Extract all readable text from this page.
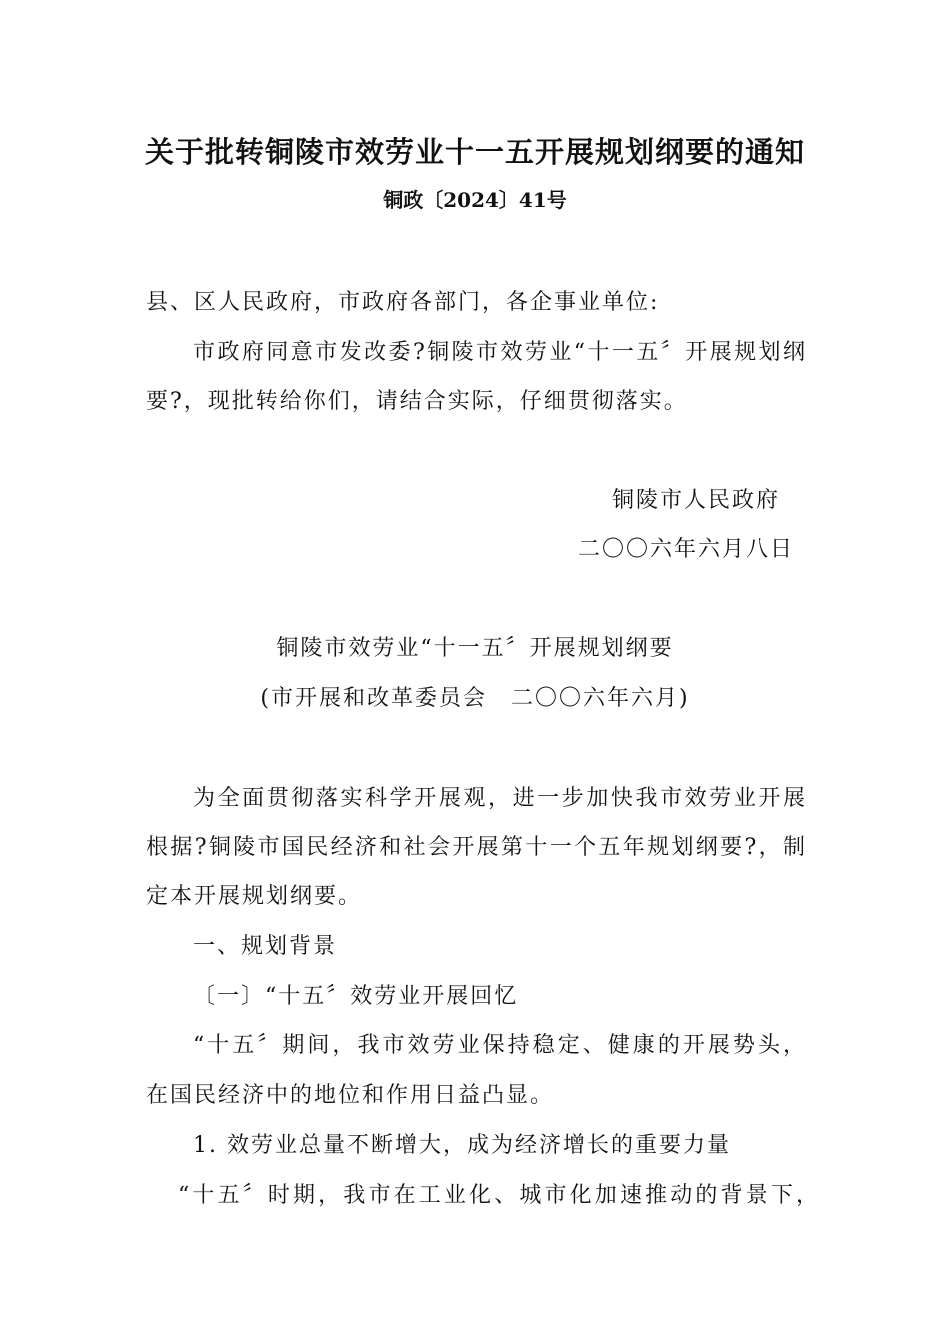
关于批转铜陵市效劳业十一五开展规划纲要的通知
铜政〔2024〕41号
县、区人民政府，市政府各部门，各企事业单位:
市政府同意市发改委?铜陵市效劳业“十一五〞开展规划纲
要?，现批转给你们，请结合实际，仔细贯彻落实。
铜陵市人民政府
二〇〇六年六月八日
铜陵市效劳业“十一五〞开展规划纲要
(市开展和改革委员会　二〇〇六年六月)
为全面贯彻落实科学开展观，进一步加快我市效劳业开展
根据?铜陵市国民经济和社会开展第十一个五年规划纲要?，制
定本开展规划纲要。
一、规划背景
〔一〕“十五〞效劳业开展回忆
“十五〞期间，我市效劳业保持稳定、健康的开展势头，
在国民经济中的地位和作用日益凸显。
1. 效劳业总量不断增大，成为经济增长的重要力量
“十五〞时期，我市在工业化、城市化加速推动的背景下，
